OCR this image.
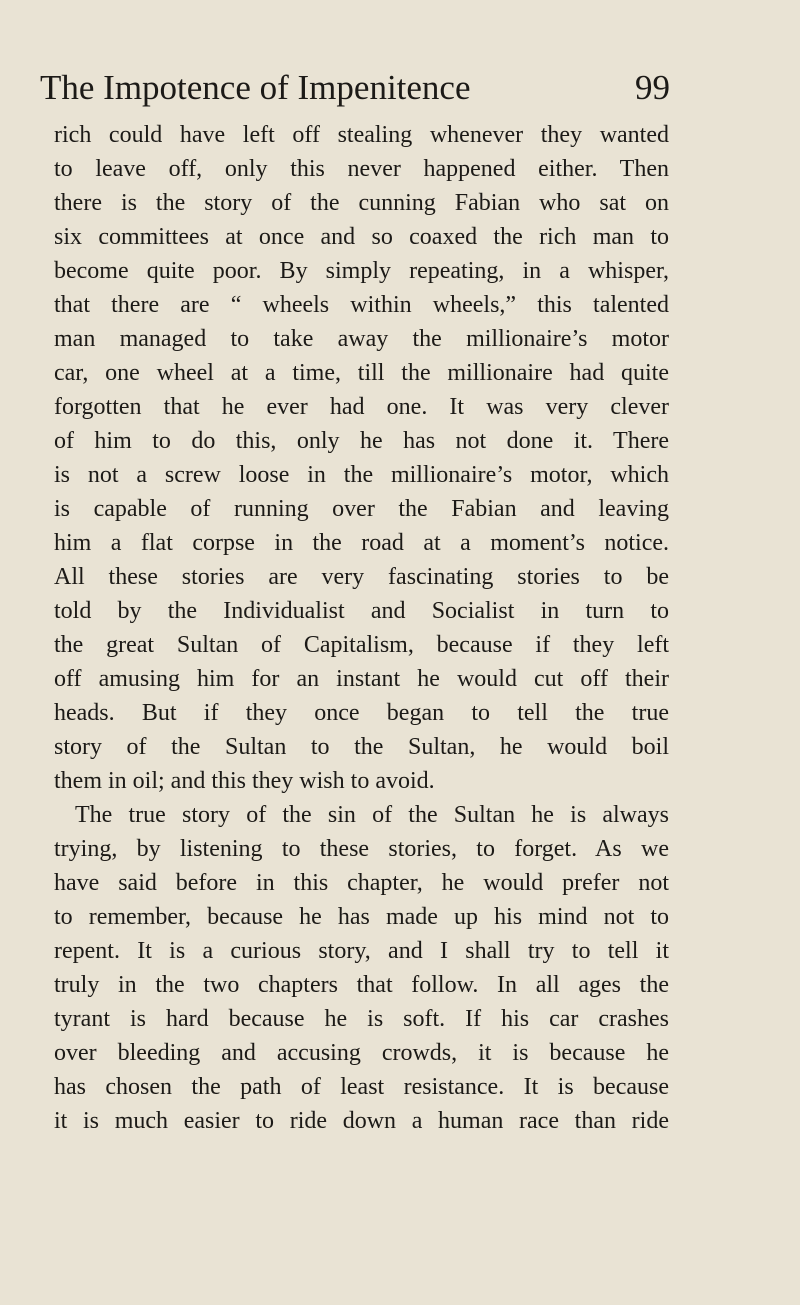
The Impotence of Impenitence	99
rich could have left off stealing whenever they wanted
to leave off, only this never happened either. Then
there is the story of the cunning Fabian who sat on
six committees at once and so coaxed the rich man to
become quite poor. By simply repeating, in a whisper,
that there are “ wheels within wheels,” this talented
man managed to take away the millionaire’s motor
car, one wheel at a time, till the millionaire had quite
forgotten that he ever had one. It was very clever
of him to do this, only he has not done it. There
is not a screw loose in the millionaire’s motor, which
is capable of running over the Fabian and leaving
him a flat corpse in the road at a moment’s notice.
All these stories are very fascinating stories to be
told by the Individualist and Socialist in turn to
the great Sultan of Capitalism, because if they left
off amusing him for an instant he would cut off their
heads. But if they once began to tell the true
story of the Sultan to the Sultan, he would boil
them in oil; and this they wish to avoid.
The true story of the sin of the Sultan he is always
trying, by listening to these stories, to forget. As we
have said before in this chapter, he would prefer not
to remember, because he has made up his mind not to
repent. It is a curious story, and I shall try to tell it
truly in the two chapters that follow. In all ages the
tyrant is hard because he is soft. If his car crashes
over bleeding and accusing crowds, it is because he
has chosen the path of least resistance. It is because
it is much easier to ride down a human race than ride
